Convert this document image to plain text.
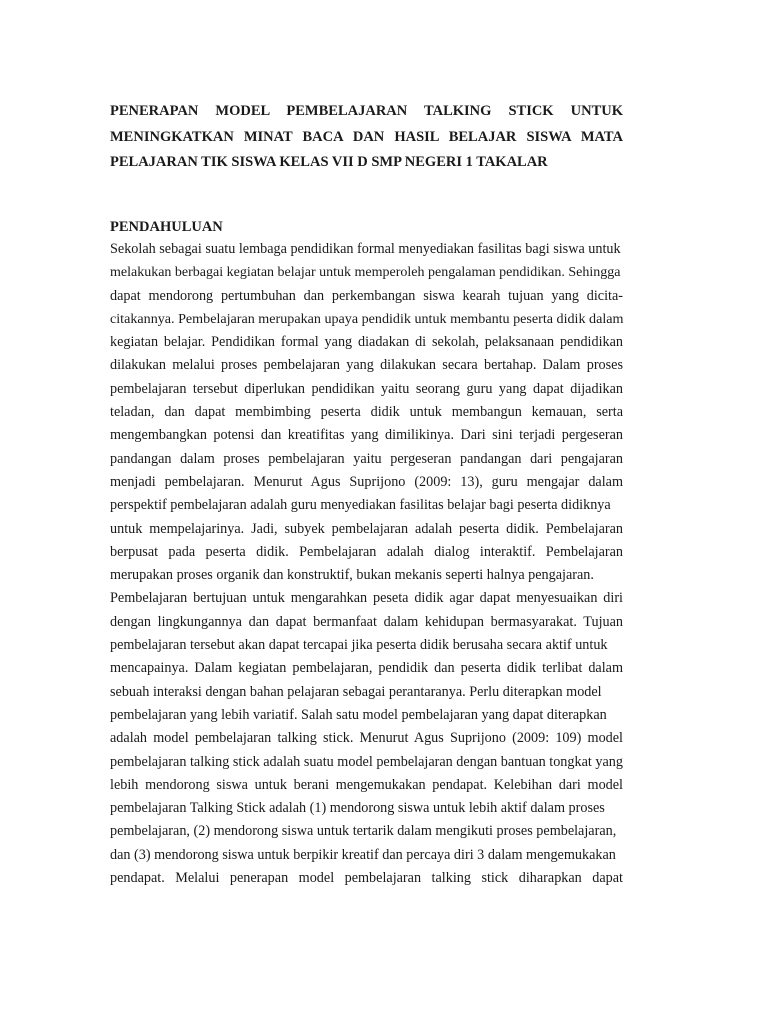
PENERAPAN MODEL PEMBELAJARAN TALKING STICK UNTUK
MENINGKATKAN MINAT BACA DAN HASIL BELAJAR SISWA MATA
PELAJARAN TIK SISWA KELAS VII D SMP NEGERI 1 TAKALAR
PENDAHULUAN
Sekolah sebagai suatu lembaga pendidikan formal menyediakan fasilitas bagi siswa untuk
melakukan berbagai kegiatan belajar untuk memperoleh pengalaman pendidikan. Sehingga
dapat mendorong pertumbuhan dan perkembangan siswa kearah tujuan yang dicita-
citakannya. Pembelajaran merupakan upaya pendidik untuk membantu peserta didik dalam
kegiatan belajar. Pendidikan formal yang diadakan di sekolah, pelaksanaan pendidikan
dilakukan melalui proses pembelajaran yang dilakukan secara bertahap. Dalam proses
pembelajaran tersebut diperlukan pendidikan yaitu seorang guru yang dapat dijadikan
teladan, dan dapat membimbing peserta didik untuk membangun kemauan, serta
mengembangkan potensi dan kreatifitas yang dimilikinya. Dari sini terjadi pergeseran
pandangan dalam proses pembelajaran yaitu pergeseran pandangan dari pengajaran
menjadi pembelajaran. Menurut Agus Suprijono (2009: 13), guru mengajar dalam
perspektif pembelajaran adalah guru menyediakan fasilitas belajar bagi peserta didiknya
untuk mempelajarinya. Jadi, subyek pembelajaran adalah peserta didik. Pembelajaran
berpusat pada peserta didik. Pembelajaran adalah dialog interaktif. Pembelajaran
merupakan proses organik dan konstruktif, bukan mekanis seperti halnya pengajaran.
Pembelajaran bertujuan untuk mengarahkan peseta didik agar dapat menyesuaikan diri
dengan lingkungannya dan dapat bermanfaat dalam kehidupan bermasyarakat. Tujuan
pembelajaran tersebut akan dapat tercapai jika peserta didik berusaha secara aktif untuk
mencapainya. Dalam kegiatan pembelajaran, pendidik dan peserta didik terlibat dalam
sebuah interaksi dengan bahan pelajaran sebagai perantaranya. Perlu diterapkan model
pembelajaran yang lebih variatif. Salah satu model pembelajaran yang dapat diterapkan
adalah model pembelajaran talking stick. Menurut Agus Suprijono (2009: 109) model
pembelajaran talking stick adalah suatu model pembelajaran dengan bantuan tongkat yang
lebih mendorong siswa untuk berani mengemukakan pendapat. Kelebihan dari model
pembelajaran Talking Stick adalah (1) mendorong siswa untuk lebih aktif dalam proses
pembelajaran, (2) mendorong siswa untuk tertarik dalam mengikuti proses pembelajaran,
dan (3) mendorong siswa untuk berpikir kreatif dan percaya diri 3 dalam mengemukakan
pendapat. Melalui penerapan model pembelajaran talking stick diharapkan dapat
